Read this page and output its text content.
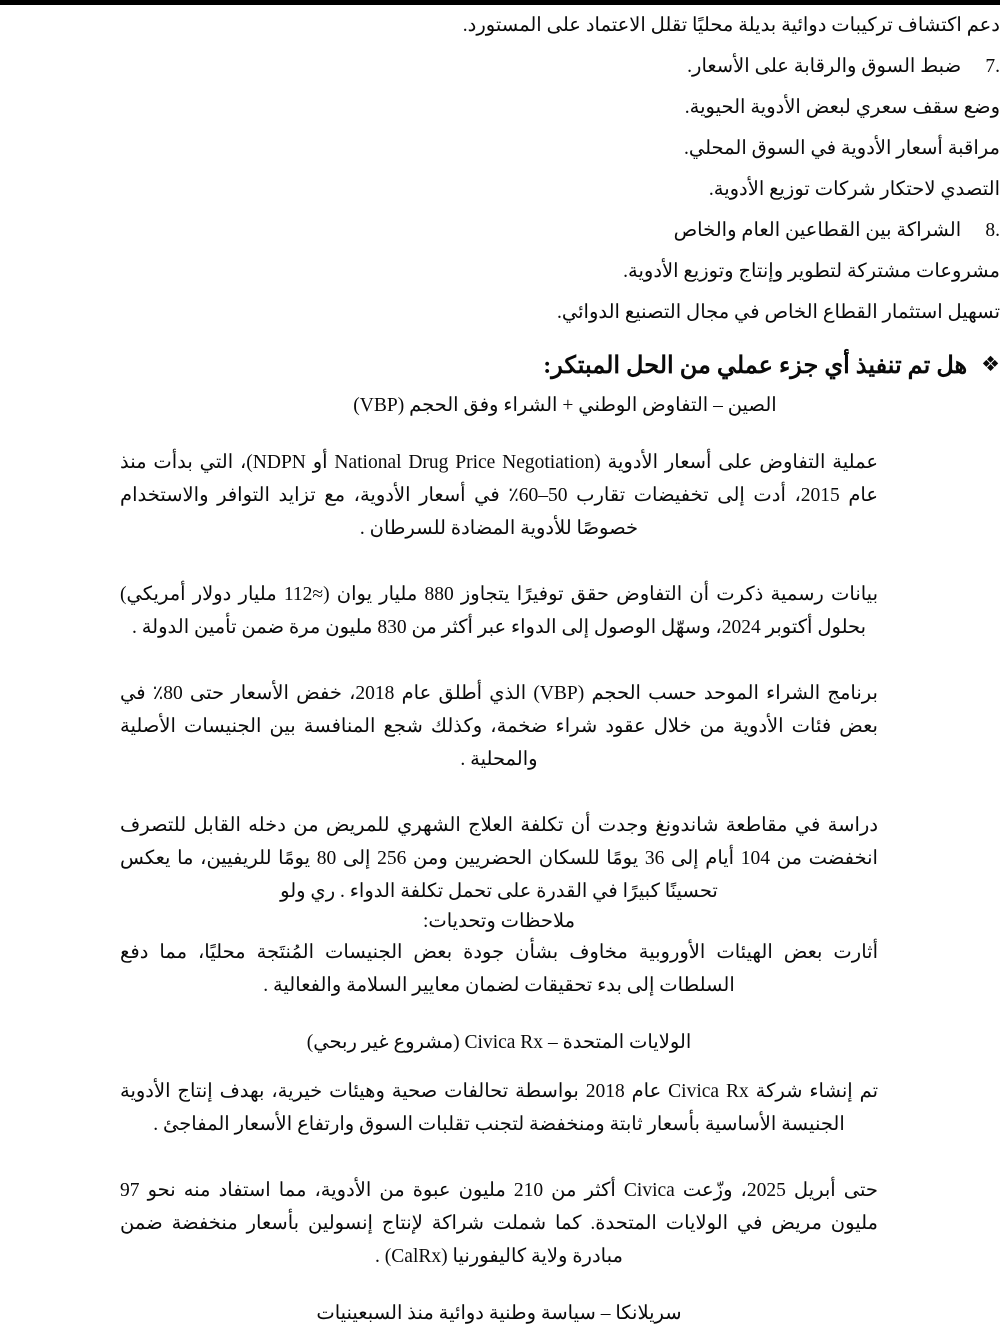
دعم اكتشاف تركيبات دوائية بديلة محليًا تقلل الاعتماد على المستورد.

7. ضبط السوق والرقابة على الأسعار.

وضع سقف سعري لبعض الأدوية الحيوية.

مراقبة أسعار الأدوية في السوق المحلي.

التصدي لاحتكار شركات توزيع الأدوية.

8. الشراكة بين القطاعين العام والخاص

مشروعات مشتركة لتطوير وإنتاج وتوزيع الأدوية.

تسهيل استثمار القطاع الخاص في مجال التصنيع الدوائي.

❖ هل تم تنفيذ أي جزء عملي من الحل المبتكر:

الصين – التفاوض الوطني + الشراء وفق الحجم (VBP)

عملية التفاوض على أسعار الأدوية (National Drug Price Negotiation أو NDPN)، التي بدأت منذ عام 2015، أدت إلى تخفيضات تقارب 50–60٪ في أسعار الأدوية، مع تزايد التوافر والاستخدام خصوصًا للأدوية المضادة للسرطان .

بيانات رسمية ذكرت أن التفاوض حقق توفيرًا يتجاوز 880 مليار يوان (≈112 مليار دولار أمريكي) بحلول أكتوبر 2024، وسهّل الوصول إلى الدواء عبر أكثر من 830 مليون مرة ضمن تأمين الدولة .

برنامج الشراء الموحد حسب الحجم (VBP) الذي أطلق عام 2018، خفض الأسعار حتى 80٪ في بعض فئات الأدوية من خلال عقود شراء ضخمة، وكذلك شجع المنافسة بين الجنيسات الأصلية والمحلية .

دراسة في مقاطعة شاندونغ وجدت أن تكلفة العلاج الشهري للمريض من دخله القابل للتصرف انخفضت من 104 أيام إلى 36 يومًا للسكان الحضريين ومن 256 إلى 80 يومًا للريفيين، ما يعكس تحسينًا كبيرًا في القدرة على تحمل تكلفة الدواء . ري ولو

ملاحظات وتحديات:

أثارت بعض الهيئات الأوروبية مخاوف بشأن جودة بعض الجنيسات المُنتَجة محليًا، مما دفع السلطات إلى بدء تحقيقات لضمان معايير السلامة والفعالية .

الولايات المتحدة – Civica Rx (مشروع غير ربحي)

تم إنشاء شركة Civica Rx عام 2018 بواسطة تحالفات صحية وهيئات خيرية، بهدف إنتاج الأدوية الجنيسة الأساسية بأسعار ثابتة ومنخفضة لتجنب تقلبات السوق وارتفاع الأسعار المفاجئ .

حتى أبريل 2025، وزّعت Civica أكثر من 210 مليون عبوة من الأدوية، مما استفاد منه نحو 97 مليون مريض في الولايات المتحدة. كما شملت شراكة لإنتاج إنسولين بأسعار منخفضة ضمن مبادرة ولاية كاليفورنيا (CalRx) .

سريلانكا – سياسة وطنية دوائية منذ السبعينيات
